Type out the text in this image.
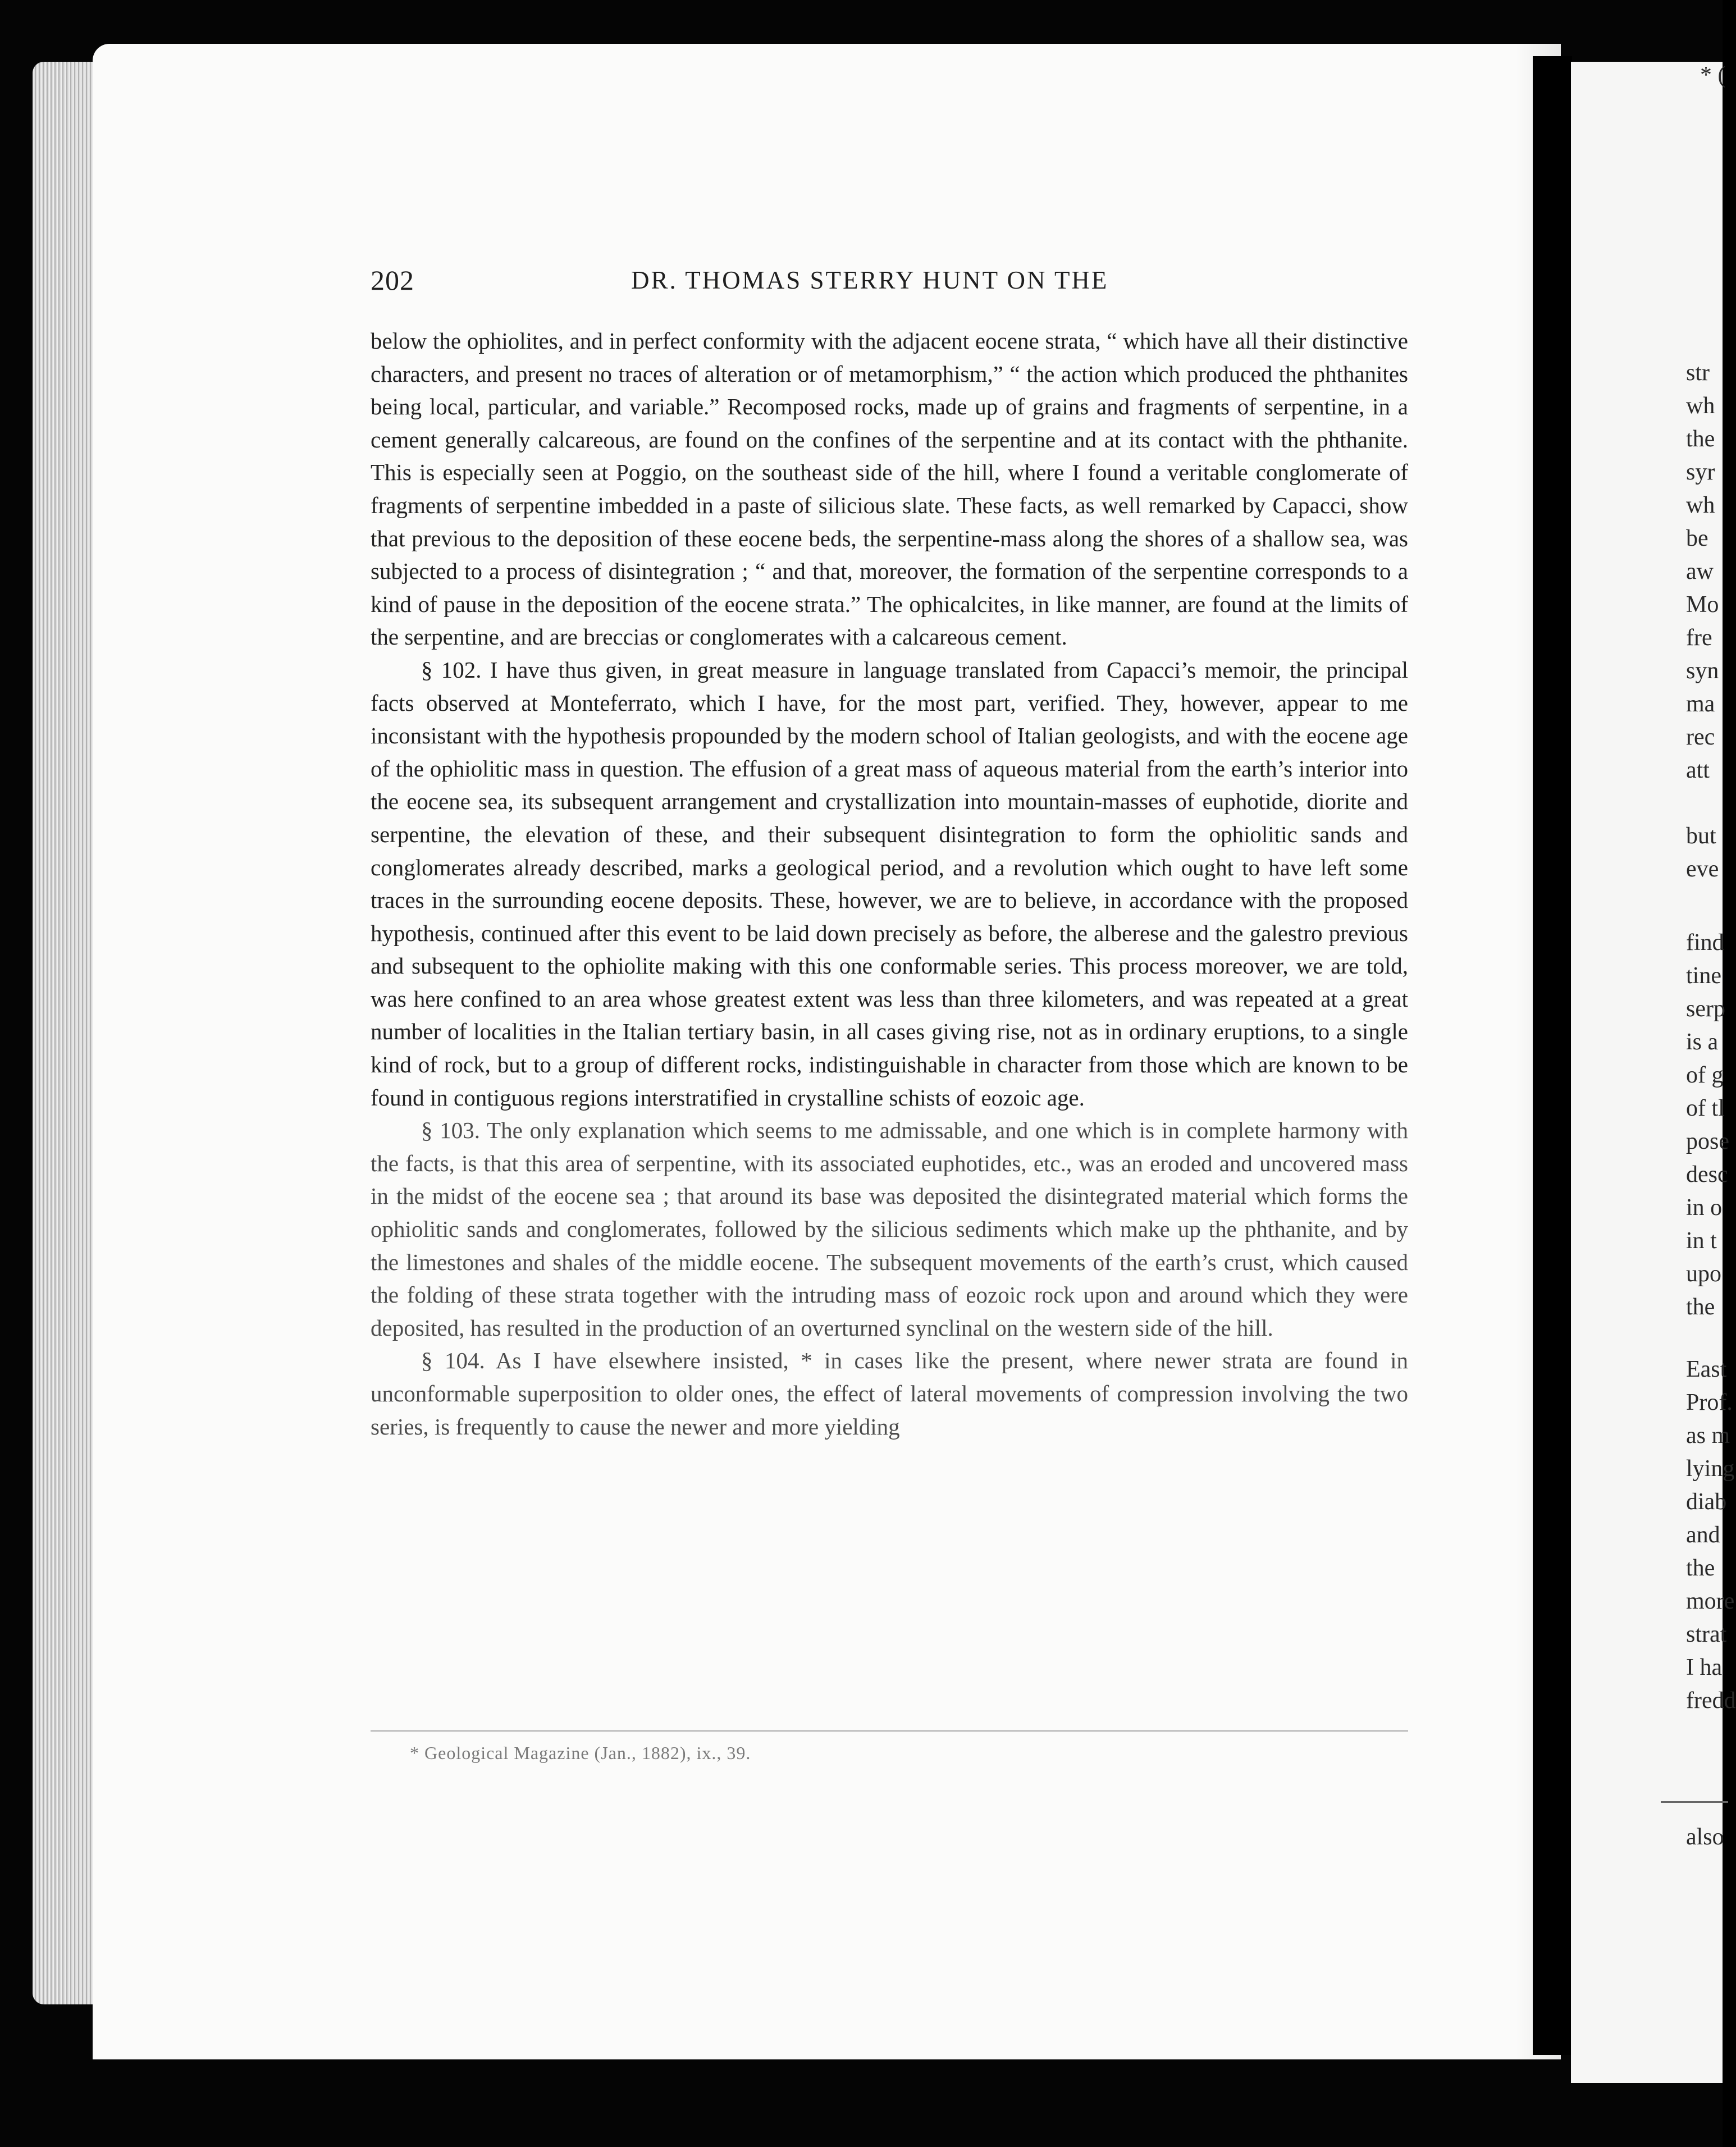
202	DR. THOMAS STERRY HUNT ON THE

below the ophiolites, and in perfect conformity with the adjacent eocene strata, “ which have all their distinctive characters, and present no traces of alteration or of metamorphism,” “ the action which produced the phthanites being local, particular, and variable.” Recomposed rocks, made up of grains and fragments of serpentine, in a cement generally calcareous, are found on the confines of the serpentine and at its contact with the phthanite. This is especially seen at Poggio, on the southeast side of the hill, where I found a veritable conglomerate of fragments of serpentine imbedded in a paste of silicious slate. These facts, as well remarked by Capacci, show that previous to the deposition of these eocene beds, the serpentine-mass along the shores of a shallow sea, was subjected to a process of disintegration ; “ and that, moreover, the formation of the serpentine corresponds to a kind of pause in the deposition of the eocene strata.” The ophicalcites, in like manner, are found at the limits of the serpentine, and are breccias or conglomerates with a calcareous cement.

§ 102. I have thus given, in great measure in language translated from Capacci’s memoir, the principal facts observed at Monteferrato, which I have, for the most part, verified. They, however, appear to me inconsistant with the hypothesis propounded by the modern school of Italian geologists, and with the eocene age of the ophiolitic mass in question. The effusion of a great mass of aqueous material from the earth’s interior into the eocene sea, its subsequent arrangement and crystallization into mountain-masses of euphotide, diorite and serpentine, the elevation of these, and their subsequent disintegration to form the ophiolitic sands and conglomerates already described, marks a geological period, and a revolution which ought to have left some traces in the surrounding eocene deposits. These, however, we are to believe, in accordance with the proposed hypothesis, continued after this event to be laid down precisely as before, the alberese and the galestro previous and subsequent to the ophiolite making with this one conformable series. This process moreover, we are told, was here confined to an area whose greatest extent was less than three kilometers, and was repeated at a great number of localities in the Italian tertiary basin, in all cases giving rise, not as in ordinary eruptions, to a single kind of rock, but to a group of different rocks, indistinguishable in character from those which are known to be found in contiguous regions interstratified in crystalline schists of eozoic age.

§ 103. The only explanation which seems to me admissable, and one which is in complete harmony with the facts, is that this area of serpentine, with its associated euphotides, etc., was an eroded and uncovered mass in the midst of the eocene sea ; that around its base was deposited the disintegrated material which forms the ophiolitic sands and conglomerates, followed by the silicious sediments which make up the phthanite, and by the limestones and shales of the middle eocene. The subsequent movements of the earth’s crust, which caused the folding of these strata together with the intruding mass of eozoic rock upon and around which they were deposited, has resulted in the production of an overturned synclinal on the western side of the hill.

§ 104. As I have elsewhere insisted, * in cases like the present, where newer strata are found in unconformable superposition to older ones, the effect of lateral movements of compression involving the two series, is frequently to cause the newer and more yielding

* Geological Magazine (Jan., 1882), ix., 39.
str
wh
the
syr
wh
be
aw
Mo
fre
syn
ma
rec
att
but
eve
find
tine
serp
is a
of g
of tl
pose
desc
in o
in t
upo
the
East
Prof.
as m
lying
diab
and
the
more
strat
I ha
fredd
also
* (
